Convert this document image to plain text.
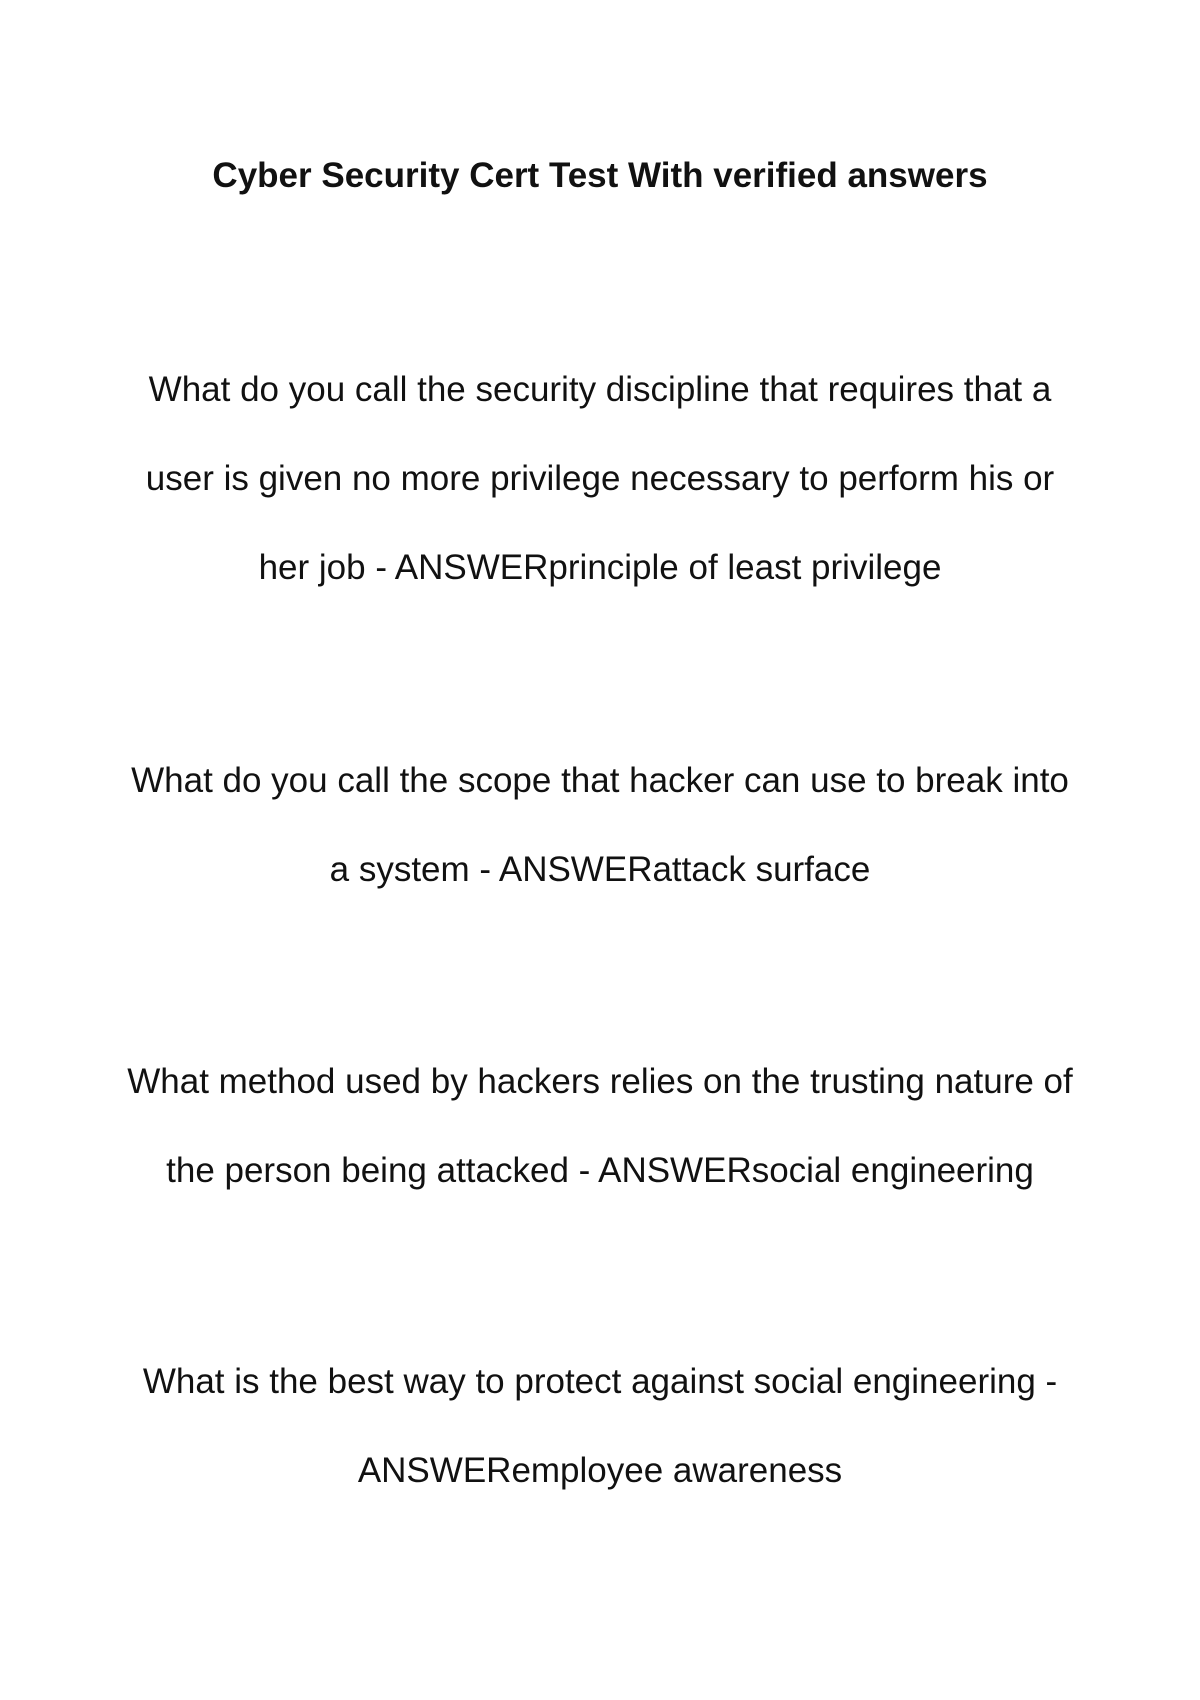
Cyber Security Cert Test With verified answers

What do you call the security discipline that requires that a user is given no more privilege necessary to perform his or her job - ANSWERprinciple of least privilege

What do you call the scope that hacker can use to break into a system - ANSWERattack surface

What method used by hackers relies on the trusting nature of the person being attacked - ANSWERsocial engineering

What is the best way to protect against social engineering - ANSWERemployee awareness
